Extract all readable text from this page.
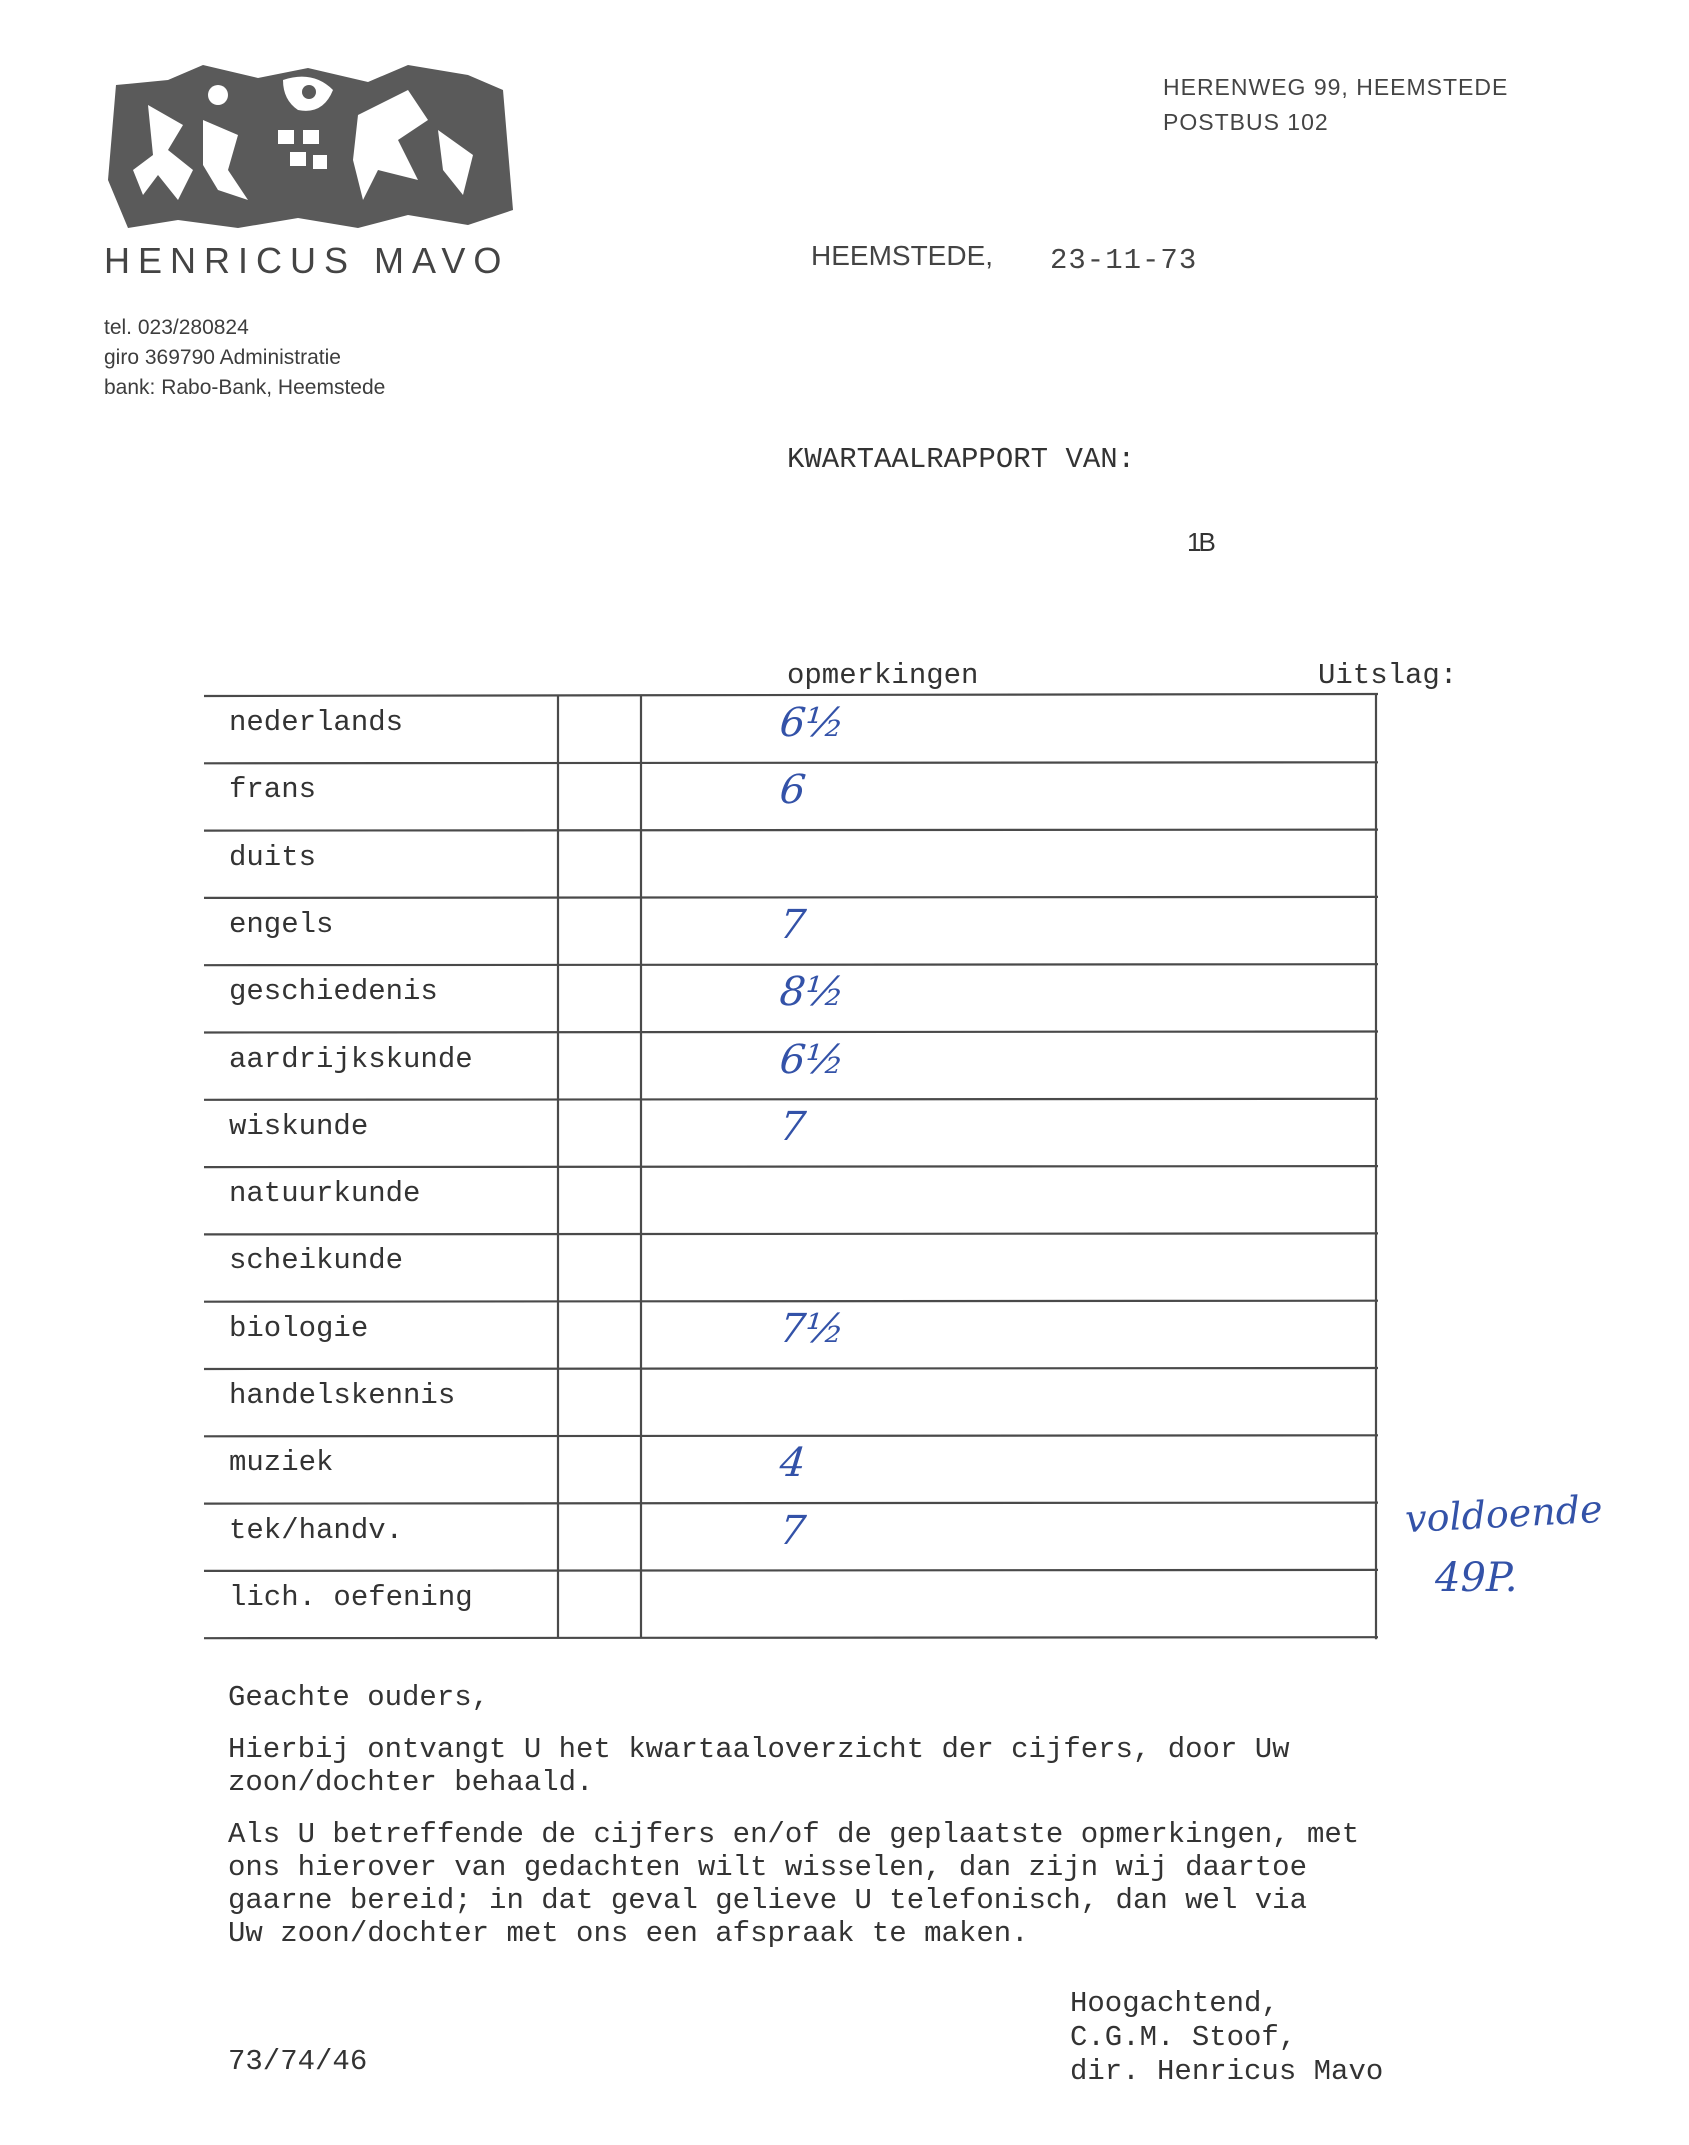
HENRICUS MAVO
tel. 023/280824
giro 369790 Administratie
bank: Rabo-Bank, Heemstede
HERENWEG 99, HEEMSTEDE
POSTBUS 102
HEEMSTEDE, 23-11-73
KWARTAALRAPPORT VAN:
1B
opmerkingen	Uitslag:
nederlands	6½
frans	6
duits
engels	7
geschiedenis	8½
aardrijkskunde	6½
wiskunde	7
natuurkunde
scheikunde
biologie	7½
handelskennis
muziek	4
tek/handv.	7
lich. oefening
voldoende
49P.
Geachte ouders,
Hierbij ontvangt U het kwartaaloverzicht der cijfers, door Uw
zoon/dochter behaald.
Als U betreffende de cijfers en/of de geplaatste opmerkingen, met
ons hierover van gedachten wilt wisselen, dan zijn wij daartoe
gaarne bereid; in dat geval gelieve U telefonisch, dan wel via
Uw zoon/dochter met ons een afspraak te maken.
Hoogachtend,
C.G.M. Stoof,
dir. Henricus Mavo
73/74/46
